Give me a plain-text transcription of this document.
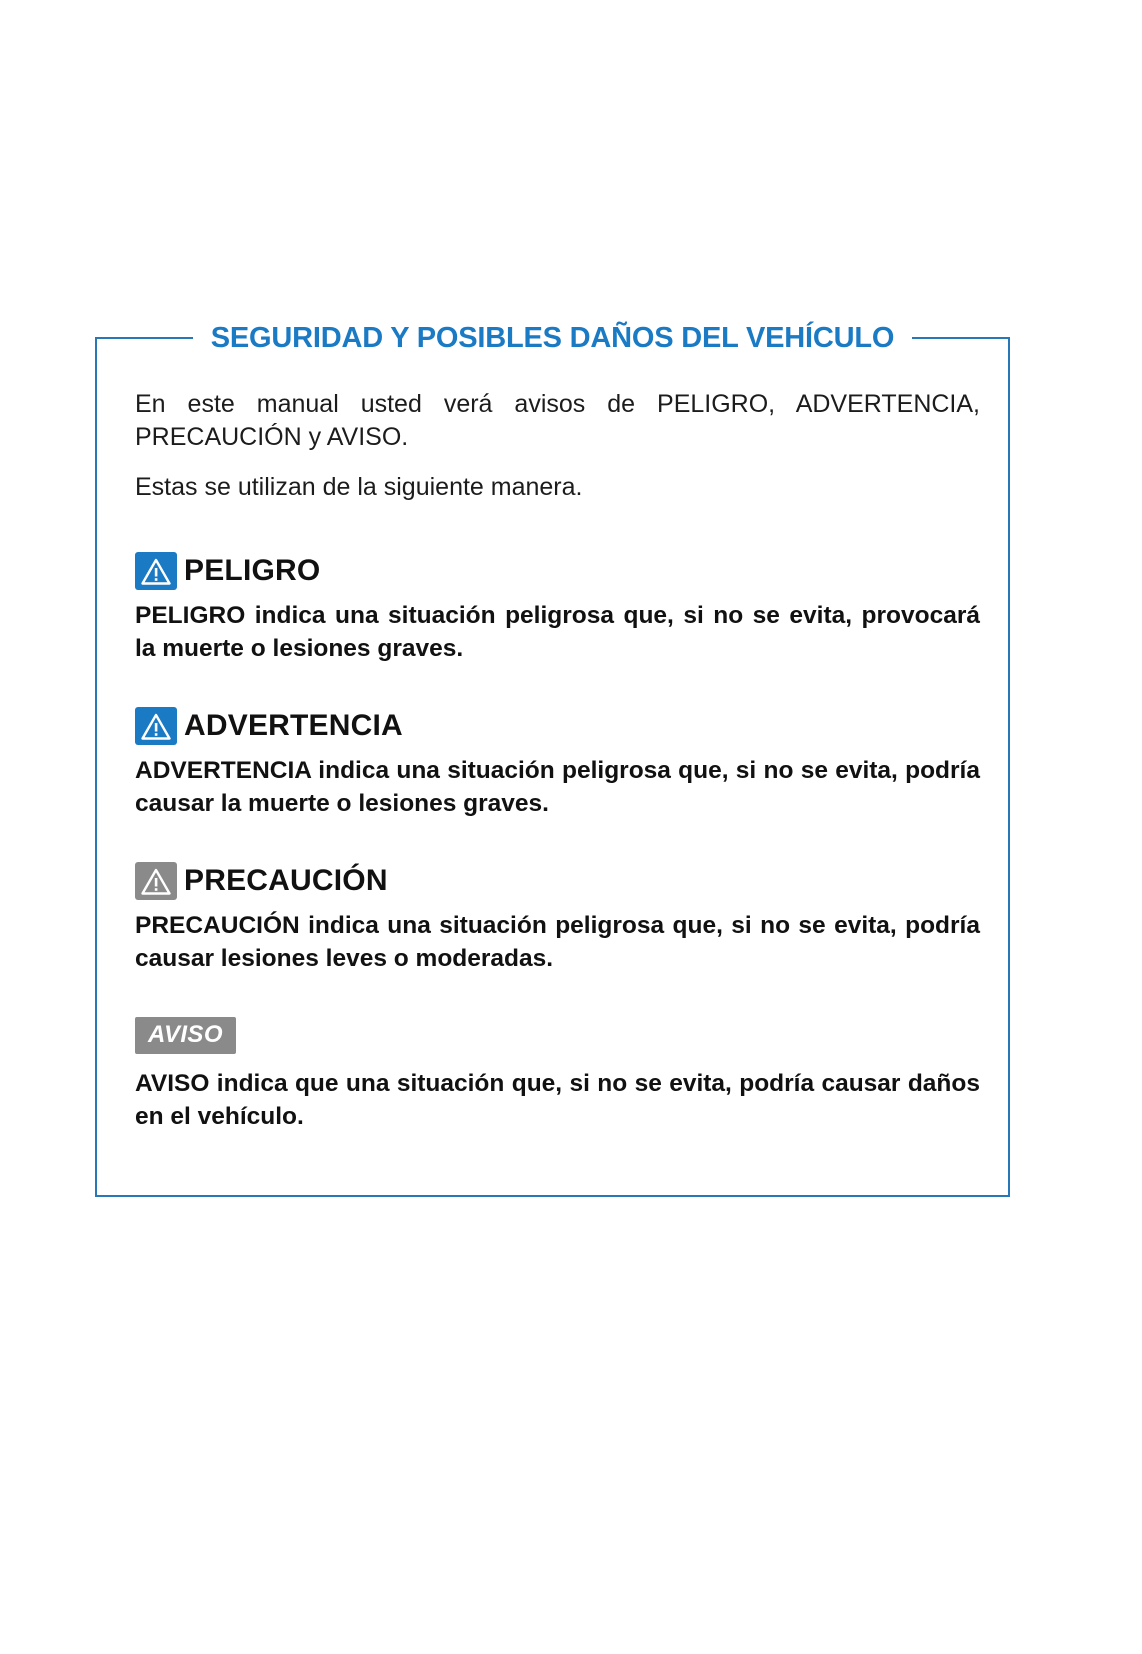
SEGURIDAD Y POSIBLES DAÑOS DEL VEHÍCULO

En este manual usted verá avisos de PELIGRO, ADVERTENCIA, PRECAUCIÓN y AVISO.

Estas se utilizan de la siguiente manera.

PELIGRO

PELIGRO indica una situación peligrosa que, si no se evita, provocará la muerte o lesiones graves.

ADVERTENCIA

ADVERTENCIA indica una situación peligrosa que, si no se evita, podría causar la muerte o lesiones graves.

PRECAUCIÓN

PRECAUCIÓN indica una situación peligrosa que, si no se evita, podría causar lesiones leves o moderadas.

AVISO

AVISO indica que una situación que, si no se evita, podría causar daños en el vehículo.
